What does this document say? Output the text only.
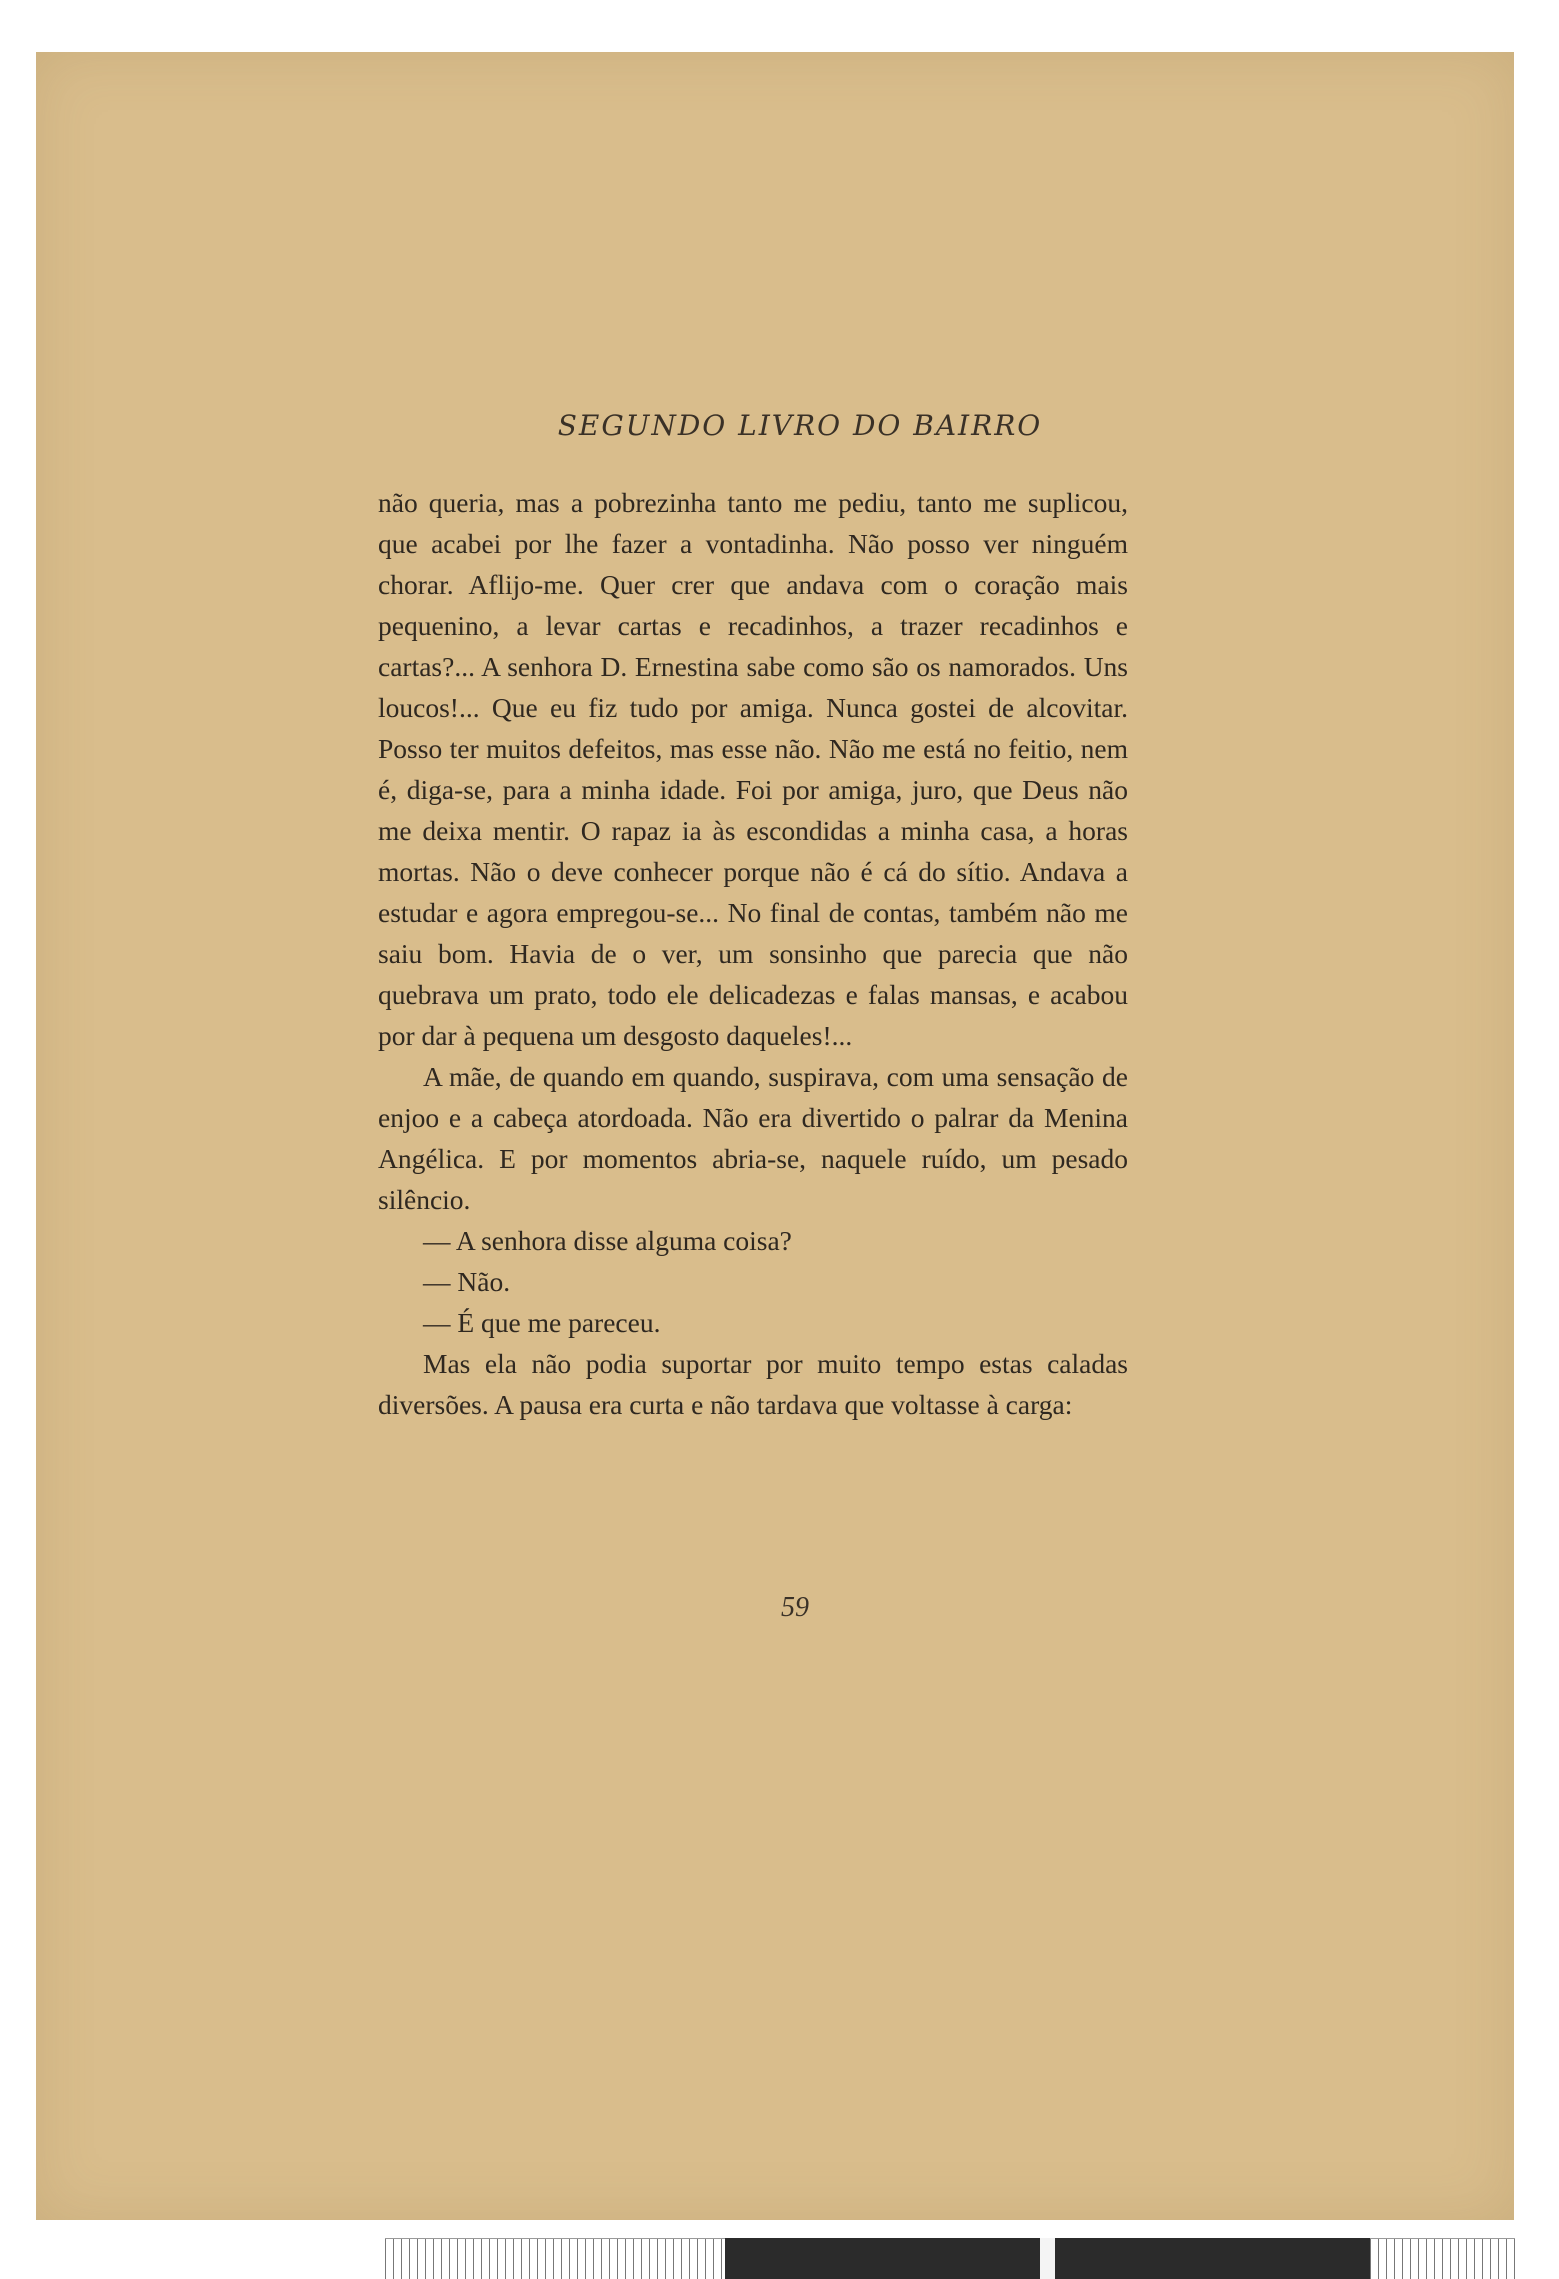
SEGUNDO LIVRO DO BAIRRO

não queria, mas a pobrezinha tanto me pediu, tanto me suplicou, que acabei por lhe fazer a vontadinha. Não posso ver ninguém chorar. Aflijo-me. Quer crer que andava com o coração mais pequenino, a levar cartas e recadinhos, a trazer recadinhos e cartas?... A senhora D. Ernestina sabe como são os namorados. Uns loucos!... Que eu fiz tudo por amiga. Nunca gostei de alcovitar. Posso ter muitos defeitos, mas esse não. Não me está no feitio, nem é, diga-se, para a minha idade. Foi por amiga, juro, que Deus não me deixa mentir. O rapaz ia às escondidas a minha casa, a horas mortas. Não o deve conhecer porque não é cá do sítio. Andava a estudar e agora empregou-se... No final de contas, também não me saiu bom. Havia de o ver, um sonsinho que parecia que não quebrava um prato, todo ele delicadezas e falas mansas, e acabou por dar à pequena um desgosto daqueles!...

A mãe, de quando em quando, suspirava, com uma sensação de enjoo e a cabeça atordoada. Não era divertido o palrar da Menina Angélica. E por momentos abria-se, naquele ruído, um pesado silêncio.

— A senhora disse alguma coisa?

— Não.

— É que me pareceu.

Mas ela não podia suportar por muito tempo estas caladas diversões. A pausa era curta e não tardava que voltasse à carga:

59
